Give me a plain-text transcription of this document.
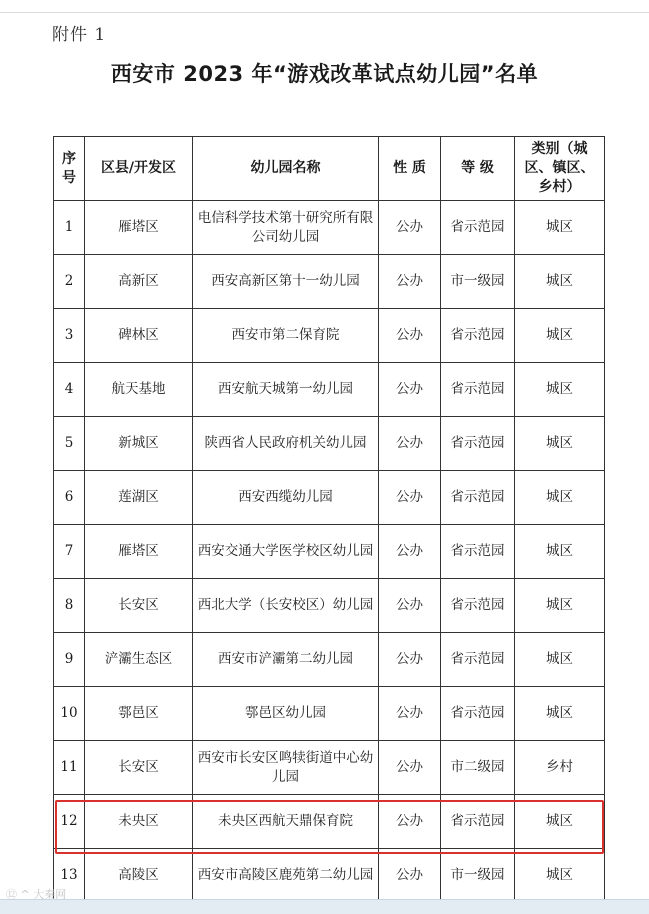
附件 1
西安市 2023 年“游戏改革试点幼儿园”名单
序号	区县/开发区	幼儿园名称	性 质	等 级	类别（城区、镇区、乡村）
1	雁塔区	电信科学技术第十研究所有限公司幼儿园	公办	省示范园	城区
2	高新区	西安高新区第十一幼儿园	公办	市一级园	城区
3	碑林区	西安市第二保育院	公办	省示范园	城区
4	航天基地	西安航天城第一幼儿园	公办	省示范园	城区
5	新城区	陕西省人民政府机关幼儿园	公办	省示范园	城区
6	莲湖区	西安西缆幼儿园	公办	省示范园	城区
7	雁塔区	西安交通大学医学校区幼儿园	公办	省示范园	城区
8	长安区	西北大学（长安校区）幼儿园	公办	省示范园	城区
9	浐灞生态区	西安市浐灞第二幼儿园	公办	省示范园	城区
10	鄠邑区	鄠邑区幼儿园	公办	省示范园	城区
11	长安区	西安市长安区鸣犊街道中心幼儿园	公办	市二级园	乡村
12	未央区	未央区西航天鼎保育院	公办	省示范园	城区
13	高陵区	西安市高陵区鹿苑第二幼儿园	公办	市一级园	城区
⑫ ^ 大秦网
